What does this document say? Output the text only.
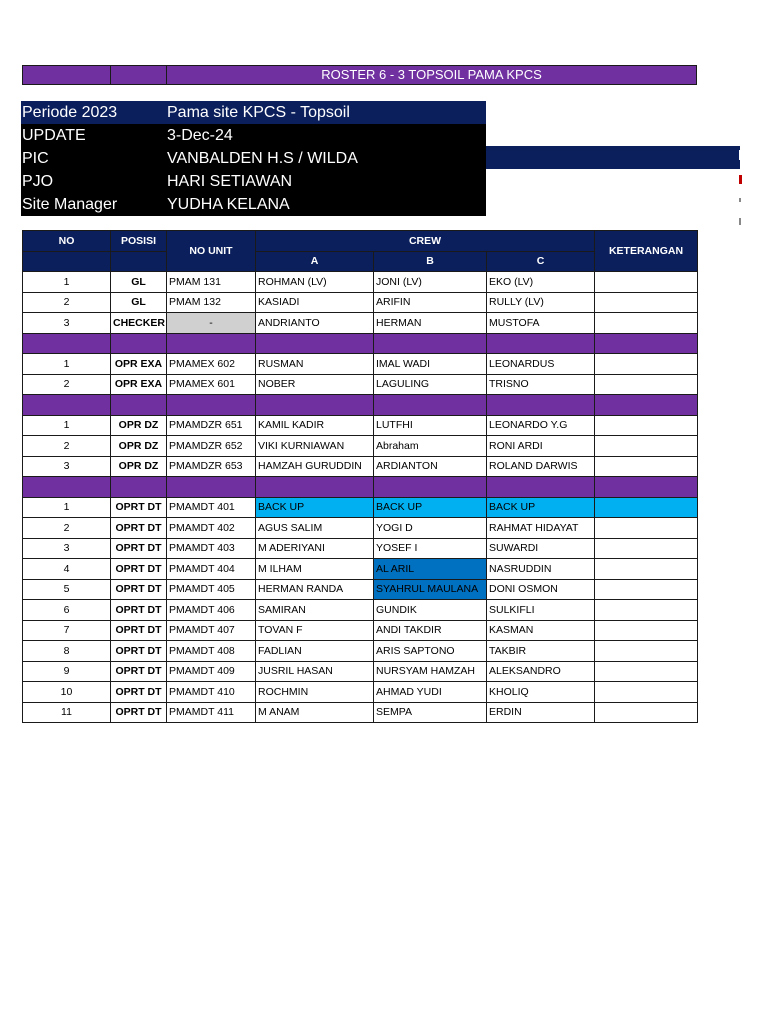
ROSTER 6 - 3 TOPSOIL PAMA KPCS
Periode 2023	Pama site KPCS - Topsoil
UPDATE	3-Dec-24
PIC	VANBALDEN H.S / WILDA
PJO	HARI SETIAWAN
Site Manager	YUDHA KELANA
NO	POSISI	NO UNIT	CREW			KETERANGAN
			A	B	C	
1	GL	PMAM 131	ROHMAN (LV)	JONI (LV)	EKO (LV)	
2	GL	PMAM 132	KASIADI	ARIFIN	RULLY (LV)	
3	CHECKER	-	ANDRIANTO	HERMAN	MUSTOFA	

1	OPR EXA	PMAMEX 602	RUSMAN	IMAL WADI	LEONARDUS	
2	OPR EXA	PMAMEX 601	NOBER	LAGULING	TRISNO	

1	OPR DZ	PMAMDZR 651	KAMIL KADIR	LUTFHI	LEONARDO Y.G	
2	OPR DZ	PMAMDZR 652	VIKI KURNIAWAN	Abraham	RONI ARDI	
3	OPR DZ	PMAMDZR 653	HAMZAH GURUDDIN	ARDIANTON	ROLAND DARWIS	

1	OPRT DT	PMAMDT 401	BACK UP	BACK UP	BACK UP	
2	OPRT DT	PMAMDT 402	AGUS SALIM	YOGI D	RAHMAT HIDAYAT	
3	OPRT DT	PMAMDT 403	M ADERIYANI	YOSEF I	SUWARDI	
4	OPRT DT	PMAMDT 404	M ILHAM	AL ARIL	NASRUDDIN	
5	OPRT DT	PMAMDT 405	HERMAN RANDA	SYAHRUL MAULANA	DONI OSMON	
6	OPRT DT	PMAMDT 406	SAMIRAN	GUNDIK	SULKIFLI	
7	OPRT DT	PMAMDT 407	TOVAN F	ANDI TAKDIR	KASMAN	
8	OPRT DT	PMAMDT 408	FADLIAN	ARIS SAPTONO	TAKBIR	
9	OPRT DT	PMAMDT 409	JUSRIL HASAN	NURSYAM HAMZAH	ALEKSANDRO	
10	OPRT DT	PMAMDT 410	ROCHMIN	AHMAD YUDI	KHOLIQ	
11	OPRT DT	PMAMDT 411	M ANAM	SEMPA	ERDIN	
